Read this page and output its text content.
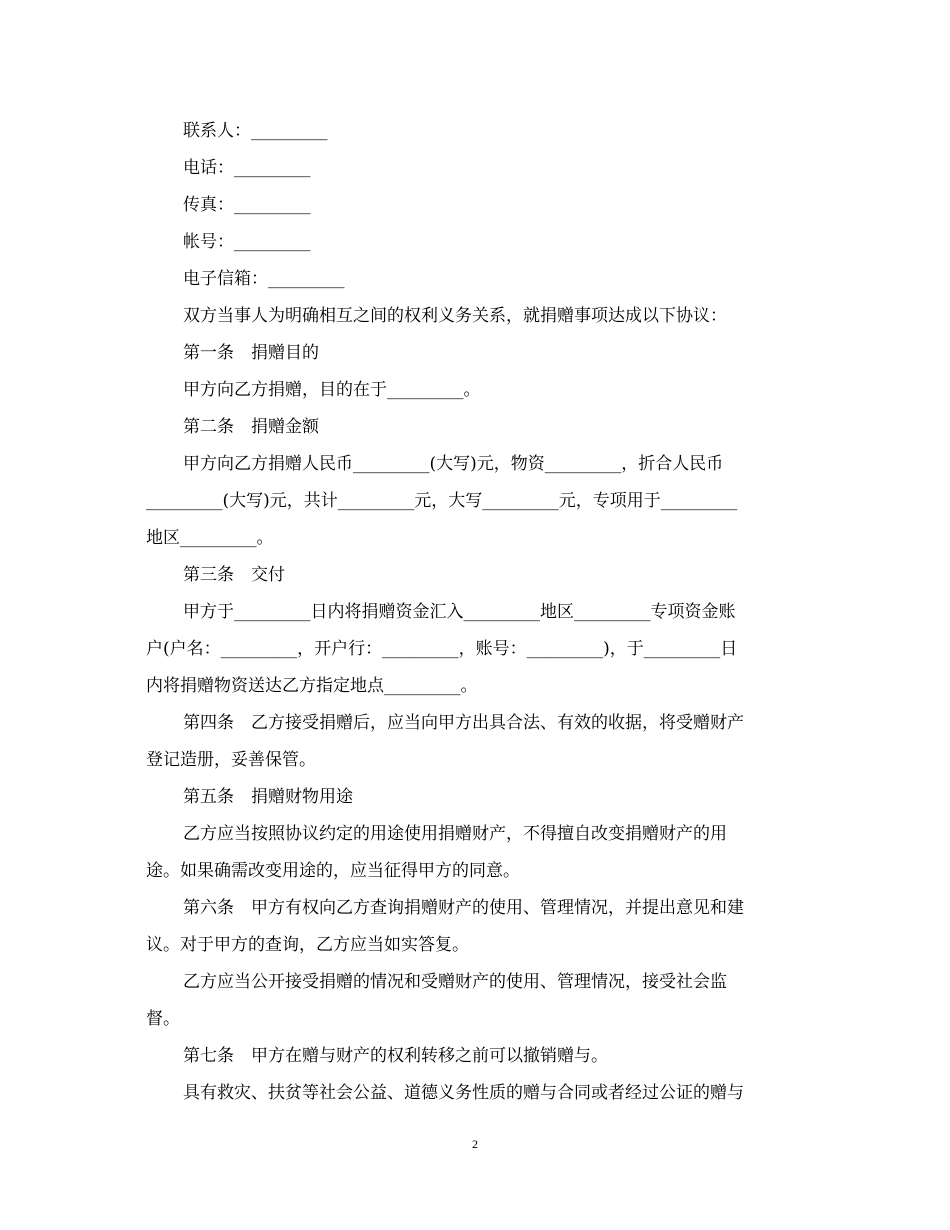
联系人：_________
电话：_________
传真：_________
帐号：_________
电子信箱：_________
双方当事人为明确相互之间的权利义务关系，就捐赠事项达成以下协议：
第一条　捐赠目的
甲方向乙方捐赠，目的在于_________。
第二条　捐赠金额
甲方向乙方捐赠人民币_________(大写)元，物资_________，折合人民币
_________(大写)元，共计_________元，大写_________元，专项用于_________
地区_________。
第三条　交付
甲方于_________日内将捐赠资金汇入_________地区_________专项资金账
户(户名：_________，开户行：_________，账号：_________)，于_________日
内将捐赠物资送达乙方指定地点_________。
第四条　乙方接受捐赠后，应当向甲方出具合法、有效的收据，将受赠财产
登记造册，妥善保管。
第五条　捐赠财物用途
乙方应当按照协议约定的用途使用捐赠财产，不得擅自改变捐赠财产的用
途。如果确需改变用途的，应当征得甲方的同意。
第六条　甲方有权向乙方查询捐赠财产的使用、管理情况，并提出意见和建
议。对于甲方的查询，乙方应当如实答复。
乙方应当公开接受捐赠的情况和受赠财产的使用、管理情况，接受社会监
督。
第七条　甲方在赠与财产的权利转移之前可以撤销赠与。
具有救灾、扶贫等社会公益、道德义务性质的赠与合同或者经过公证的赠与
2
